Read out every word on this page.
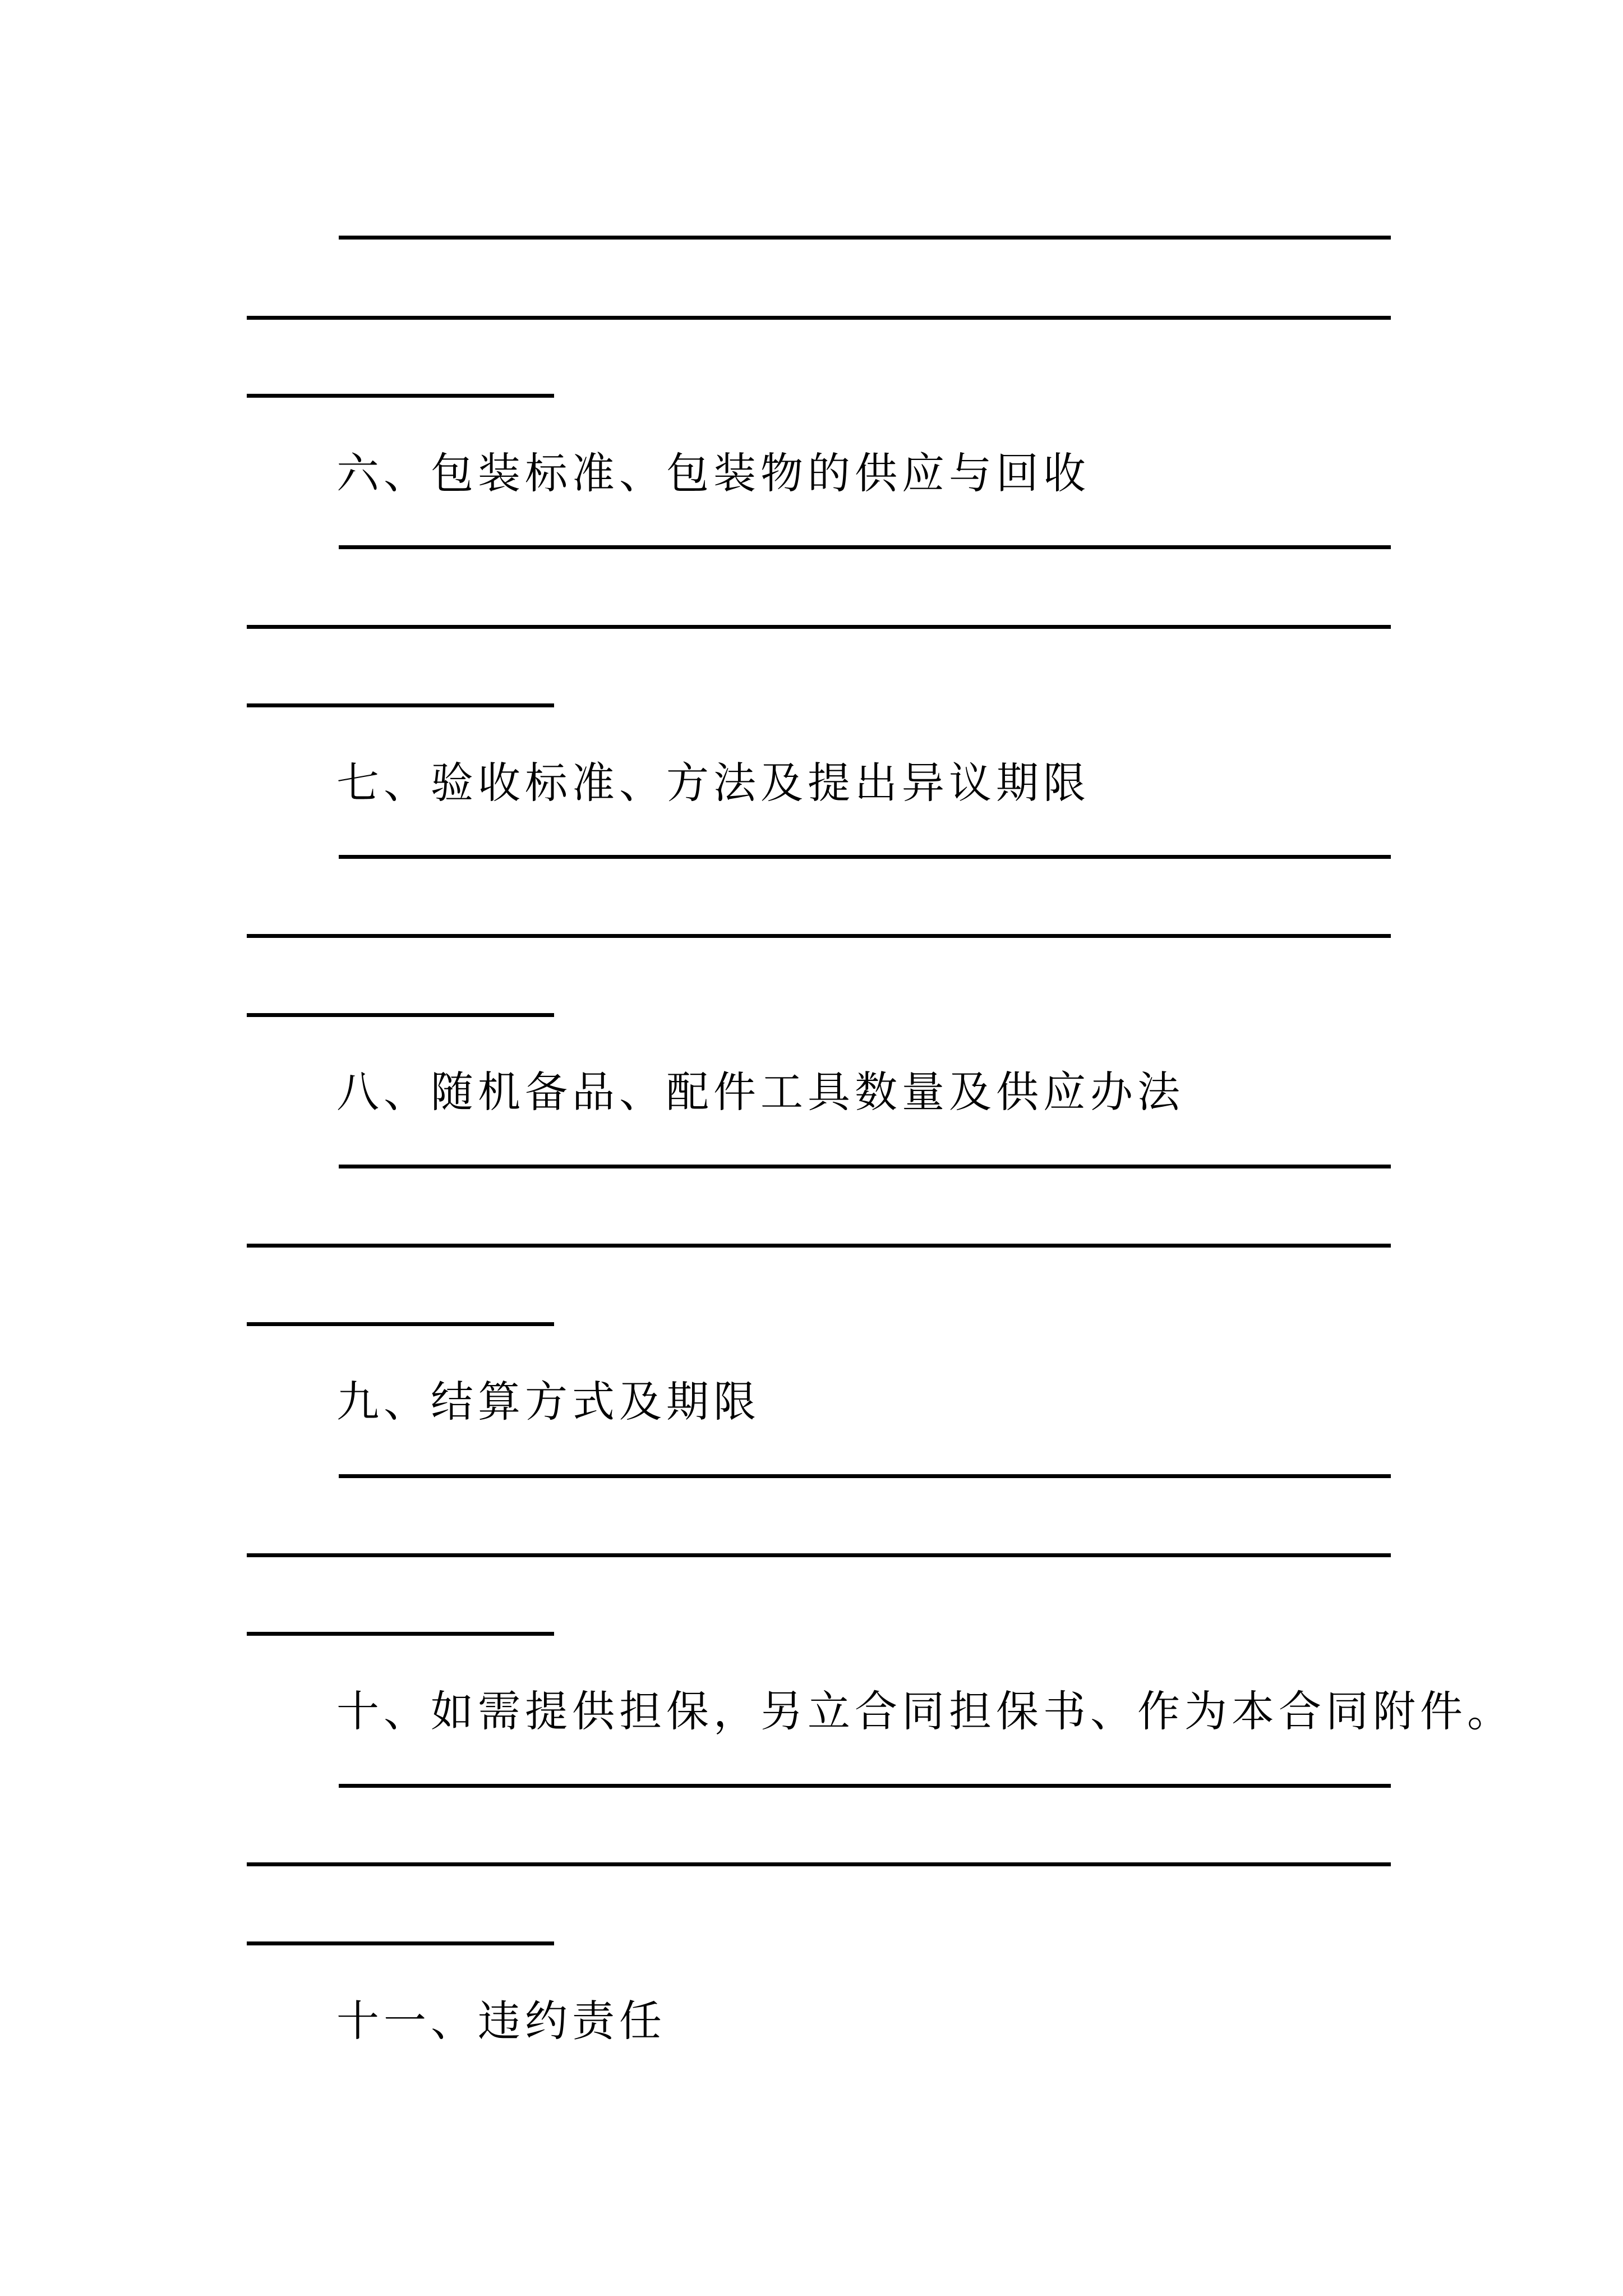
六、包装标准、包装物的供应与回收
七、验收标准、方法及提出异议期限
八、随机备品、配件工具数量及供应办法
九、结算方式及期限
十、如需提供担保，另立合同担保书、作为本合同附件。
十一、违约责任
